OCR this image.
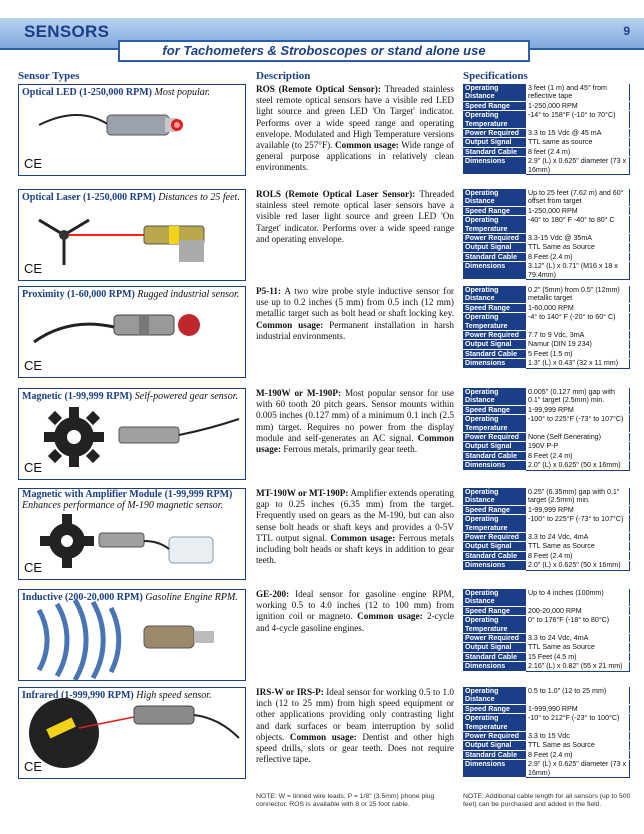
SENSORS	9
for Tachometers & Stroboscopes or stand alone use
Sensor Types	Description	Specifications
Optical LED (1-250,000 RPM) Most popular.
CE
ROS (Remote Optical Sensor): Threaded stainless steel remote optical sensors have a visible red LED light source and green LED 'On Target' indicator. Performs over a wide speed range and operating envelope. Modulated and High Temperature versions available (to 257°F). Common usage: Wide range of general purpose applications in relatively clean environments.
Operating Distance	3 feet (1 m) and 45° from reflective tape
Speed Range	1-250,000 RPM
Operating Temperature	-14° to 158°F (-10° to 70°C)
Power Required	3.3 to 15 Vdc @ 45 mA
Output Signal	TTL same as source
Standard Cable	8 feet (2.4 m)
Dimensions	2.9" (L) x 0.625" diameter (73 x 16mm)
Optical Laser (1-250,000 RPM) Distances to 25 feet.
CE
ROLS (Remote Optical Laser Sensor): Threaded stainless steel remote optical laser sensors have a visible red laser light source and green LED 'On Target' indicator. Performs over a wide speed range and operating envelope.
Operating Distance	Up to 25 feet (7.62 m) and 60° offset from target
Speed Range	1-250,000 RPM
Operating Temperature	-40° to 180° F -40° to 80° C
Power Required	3.3-15 Vdc @ 35mA
Output Signal	TTL Same as Source
Standard Cable	8 Feet (2.4 m)
Dimensions	3.12" (L) x 0.71" (M16 x 18 x 79.4mm)
Proximity (1-60,000 RPM) Rugged industrial sensor.
CE
P5-11: A two wire probe style inductive sensor for use up to 0.2 inches (5 mm) from 0.5 inch (12 mm) metallic target such as bolt head or shaft locking key. Common usage: Permanent installation in harsh industrial environments.
Operating Distance	0.2" (5mm) from 0.5" (12mm) metallic target
Speed Range	1-60,000 RPM
Operating Temperature	-4° to 140° F (-20° to 60° C)
Power Required	7.7 to 9 Vdc, 3mA
Output Signal	Namur (DIN 19 234)
Standard Cable	5 Feet (1.5 m)
Dimensions	1.3" (L) x 0.43" (32 x 11 mm)
Magnetic (1-99,999 RPM) Self-powered gear sensor.
CE
M-190W or M-190P: Most popular sensor for use with 60 tooth 20 pitch gears. Sensor mounts within 0.005 inches (0.127 mm) of a minimum 0.1 inch (2.5 mm) target. Requires no power from the display module and self-generates an AC signal. Common usage: Ferrous metals, primarily gear teeth.
Operating Distance	0.005" (0.127 mm) gap with 0.1" target (2.5mm) min.
Speed Range	1-99,999 RPM
Operating Temperature	-100° to 225°F (-73° to 107°C)
Power Required	None (Self Generating)
Output Signal	190V P-P
Standard Cable	8 Feet (2.4 m)
Dimensions	2.0" (L) x 0.625" (50 x 16mm)
Magnetic with Amplifier Module (1-99,999 RPM) Enhances performance of M-190 magnetic sensor.
CE
MT-190W or MT-190P: Amplifier extends operating gap to 0.25 inches (6.35 mm) from the target. Frequently used on gears as the M-190, but can also sense bolt heads or shaft keys and provides a 0-5V TTL output signal. Common usage: Ferrous metals including bolt heads or shaft keys in addition to gear teeth.
Operating Distance	0.25" (6.35mm) gap with 0.1" target (2.5mm) min.
Speed Range	1-99,999 RPM
Operating Temperature	-100° to 225°F (-73° to 107°C)
Power Required	3.3 to 24 Vdc, 4mA
Output Signal	TTL Same as Source
Standard Cable	8 Feet (2.4 m)
Dimensions	2.0" (L) x 0.625" (50 x 16mm)
Inductive (200-20,000 RPM) Gasoline Engine RPM.	GE-200: Ideal sensor for gasoline engine RPM, working 0.5 to 4.0 inches (12 to 100 mm) from ignition coil or magneto. Common usage: 2-cycle and 4-cycle gasoline engines.
Operating Distance	Up to 4 inches (100mm)
Speed Range	200-20,000 RPM
Operating Temperature	0° to 176°F (-18° to 80°C)
Power Required	3.3 to 24 Vdc, 4mA
Output Signal	TTL Same as Source
Standard Cable	15 Feet (4.5 m)
Dimensions	2.16" (L) x 0.82" (55 x 21 mm)
Infrared (1-999,990 RPM) High speed sensor.
CE
IRS-W or IRS-P: Ideal sensor for working 0.5 to 1.0 inch (12 to 25 mm) from high speed equipment or other applications providing only contrasting light and dark surfaces or beam interruption by solid objects. Common usage: Dentist and other high speed drills, slots or gear teeth. Does not require reflective tape.
Operating Distance	0.5 to 1.0" (12 to 25 mm)
Speed Range	1-999,990 RPM
Operating Temperature	-10° to 212°F (-23° to 100°C)
Power Required	3.3 to 15 Vdc
Output Signal	TTL Same as Source
Standard Cable	8 Feet (2.4 m)
Dimensions	2.9" (L) x 0.625" diameter (73 x 16mm)
NOTE: W = tinned wire leads, P = 1/8" (3.5mm) phone plug connector. ROS is available with 8 or 25 foot cable.
NOTE: Additional cable length for all sensors (up to 500 feet) can be purchased and added in the field.
